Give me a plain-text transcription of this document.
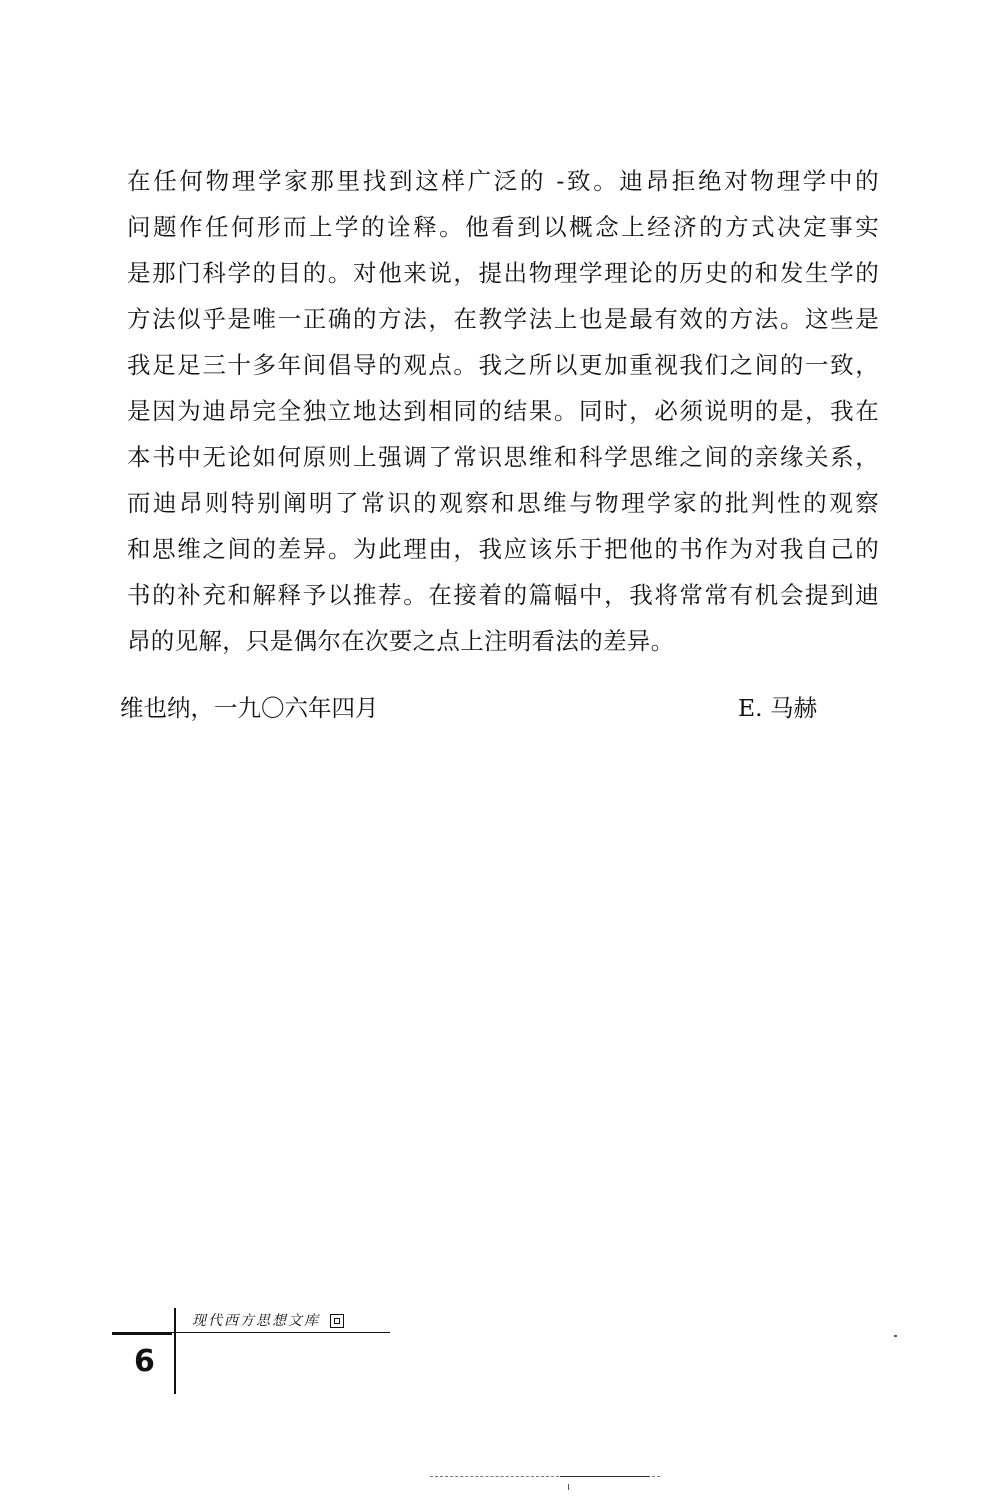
在任何物理学家那里找到这样广泛的 -致。迪昂拒绝对物理学中的
问题作任何形而上学的诠释。他看到以概念上经济的方式决定事实
是那门科学的目的。对他来说，提出物理学理论的历史的和发生学的
方法似乎是唯一正确的方法，在教学法上也是最有效的方法。这些是
我足足三十多年间倡导的观点。我之所以更加重视我们之间的一致，
是因为迪昂完全独立地达到相同的结果。同时，必须说明的是，我在
本书中无论如何原则上强调了常识思维和科学思维之间的亲缘关系，
而迪昂则特别阐明了常识的观察和思维与物理学家的批判性的观察
和思维之间的差异。为此理由，我应该乐于把他的书作为对我自己的
书的补充和解释予以推荐。在接着的篇幅中，我将常常有机会提到迪
昂的见解，只是偶尔在次要之点上注明看法的差异。
维也纳，一九〇六年四月	E. 马赫
现代西方思想文库
6
